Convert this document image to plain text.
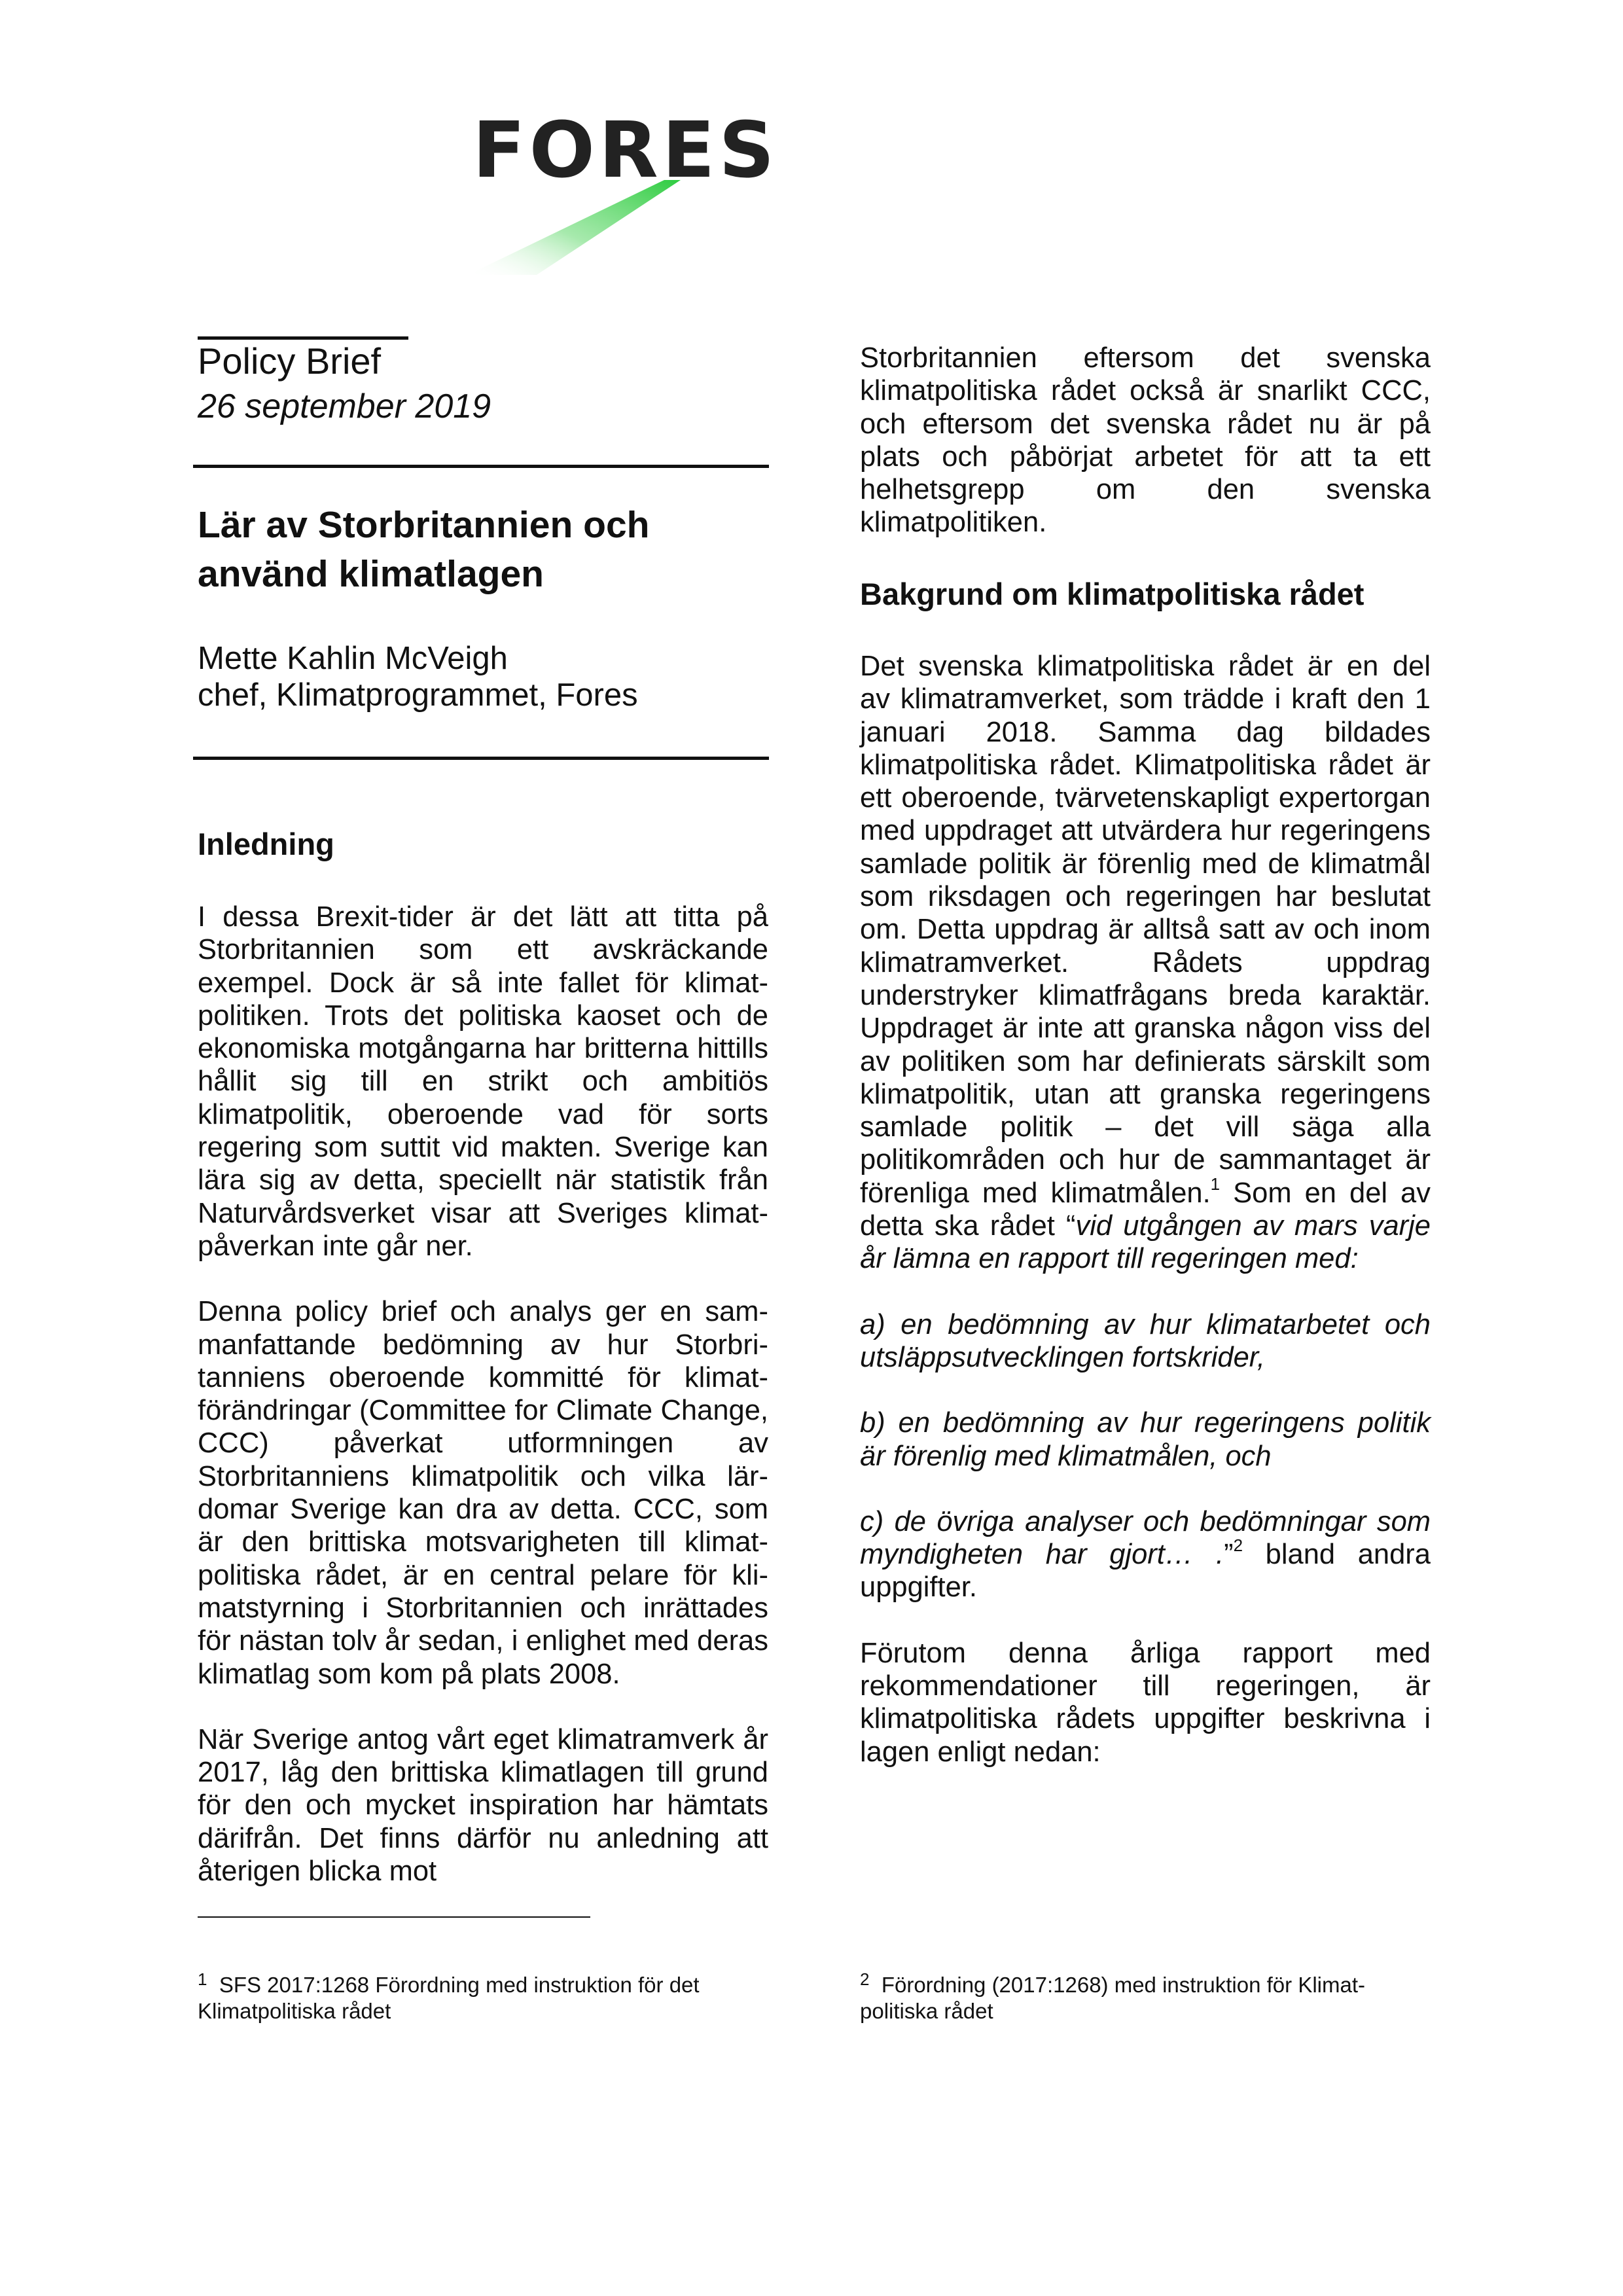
FORES
Policy Brief
26 september 2019
Lär av Storbritannien och
använd klimatlagen
Mette Kahlin McVeigh
chef, Klimatprogrammet, Fores
Inledning

I dessa Brexit-tider är det lätt att titta på Storbritannien som ett avskräckande exempel. Dock är så inte fallet för klimatpolitiken. Trots det politiska kaoset och de ekonomiska motgångarna har britterna hittills hållit sig till en strikt och ambitiös klimatpolitik, oberoende vad för sorts regering som suttit vid makten. Sverige kan lära sig av detta, speciellt när statistik från Naturvårdsverket visar att Sveriges klimatpåverkan inte går ner.

Denna policy brief och analys ger en sammanfattande bedömning av hur Storbritanniens oberoende kommitté för klimatförändringar (Committee for Climate Change, CCC) påverkat utformningen av Storbritanniens klimatpolitik och vilka lärdomar Sverige kan dra av detta. CCC, som är den brittiska motsvarigheten till klimatpolitiska rådet, är en central pelare för klimatstyrning i Storbritannien och inrättades för nästan tolv år sedan, i enlighet med deras klimatlag som kom på plats 2008.

När Sverige antog vårt eget klimatramverk år 2017, låg den brittiska klimatlagen till grund för den och mycket inspiration har hämtats därifrån. Det finns därför nu anledning att återigen blicka mot

$^1$ SFS 2017:1268 Förordning med instruktion för det Klimatpolitiska rådet

Storbritannien eftersom det svenska klimatpolitiska rådet också är snarlikt CCC, och eftersom det svenska rådet nu är på plats och påbörjat arbetet för att ta ett helhetsgrepp om den svenska klimatpolitiken.

Bakgrund om klimatpolitiska rådet

Det svenska klimatpolitiska rådet är en del av klimatramverket, som trädde i kraft den 1 januari 2018. Samma dag bildades klimatpolitiska rådet. Klimatpolitiska rådet är ett oberoende, tvärvetenskapligt expertorgan med uppdraget att utvärdera hur regeringens samlade politik är förenlig med de klimatmål som riksdagen och regeringen har beslutat om. Detta uppdrag är alltså satt av och inom klimatramverket. Rådets uppdrag understryker klimatfrågans breda karaktär. Uppdraget är inte att granska någon viss del av politiken som har definierats särskilt som klimatpolitik, utan att granska regeringens samlade politik – det vill säga alla politikområden och hur de sammantaget är förenliga med klimatmålen.$^1$ Som en del av detta ska rådet “vid utgången av mars varje år lämna en rapport till regeringen med:

a) en bedömning av hur klimatarbetet och utsläppsutvecklingen fortskrider,

b) en bedömning av hur regeringens politik är förenlig med klimatmålen, och

c) de övriga analyser och bedömningar som myndigheten har gjort… .”$^2$ bland andra uppgifter.

Förutom denna årliga rapport med rekommendationer till regeringen, är klimatpolitiska rådets uppgifter beskrivna i lagen enligt nedan:

$^2$ Förordning (2017:1268) med instruktion för Klimatpolitiska rådet
